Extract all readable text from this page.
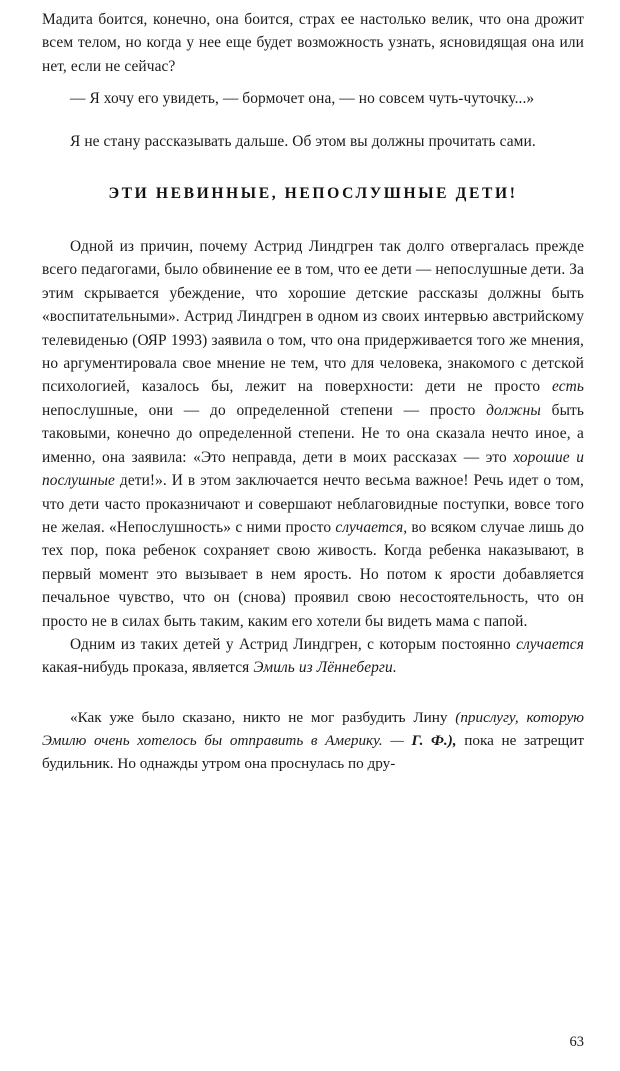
Мадита боится, конечно, она боится, страх ее настолько велик, что она дрожит всем телом, но когда у нее еще будет возможность узнать, ясновидящая она или нет, если не сейчас?

— Я хочу его увидеть, — бормочет она, — но совсем чуть-чуточку...»

Я не стану рассказывать дальше. Об этом вы должны прочитать сами.

ЭТИ НЕВИННЫЕ, НЕПОСЛУШНЫЕ ДЕТИ!

Одной из причин, почему Астрид Линдгрен так долго отвергалась прежде всего педагогами, было обвинение ее в том, что ее дети — непослушные дети. За этим скрывается убеждение, что хорошие детские рассказы должны быть «воспитательными». Астрид Линдгрен в одном из своих интервью австрийскому телевиденью (ОЯР 1993) заявила о том, что она придерживается того же мнения, но аргументировала свое мнение не тем, что для человека, знакомого с детской психологией, казалось бы, лежит на поверхности: дети не просто есть непослушные, они — до определенной степени — просто должны быть таковыми, конечно до определенной степени. Не то она сказала нечто иное, а именно, она заявила: «Это неправда, дети в моих рассказах — это хорошие и послушные дети!». И в этом заключается нечто весьма важное! Речь идет о том, что дети часто проказничают и совершают неблаговидные поступки, вовсе того не желая. «Непослушность» с ними просто случается, во всяком случае лишь до тех пор, пока ребенок сохраняет свою живость. Когда ребенка наказывают, в первый момент это вызывает в нем ярость. Но потом к ярости добавляется печальное чувство, что он (снова) проявил свою несостоятельность, что он просто не в силах быть таким, каким его хотели бы видеть мама с папой.

Одним из таких детей у Астрид Линдгрен, с которым постоянно случается какая-нибудь проказа, является Эмиль из Лённеберги.

«Как уже было сказано, никто не мог разбудить Лину (прислугу, которую Эмилю очень хотелось бы отправить в Америку. — Г. Ф.), пока не затрещит будильник. Но однажды утром она проснулась по дру-

63
